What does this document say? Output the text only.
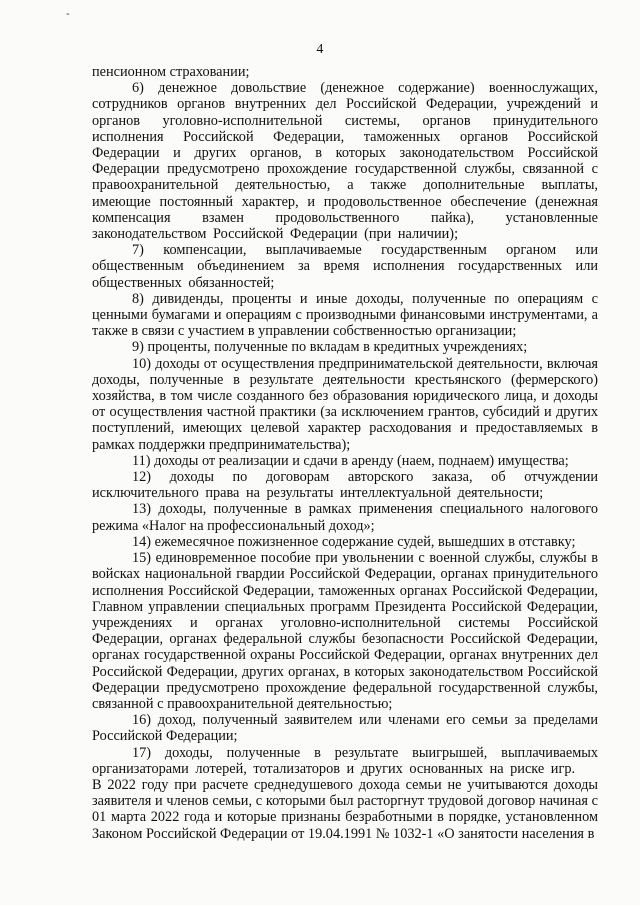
-
4

пенсионном страховании;

6) денежное довольствие (денежное содержание) военнослужащих, сотрудников органов внутренних дел Российской Федерации, учреждений и органов уголовно-исполнительной системы, органов принудительного исполнения Российской Федерации, таможенных органов Российской Федерации и других органов, в которых законодательством Российской Федерации предусмотрено прохождение государственной службы, связанной с правоохранительной деятельностью, а также дополнительные выплаты, имеющие постоянный характер, и продовольственное обеспечение (денежная компенсация взамен продовольственного пайка), установленные законодательством Российской Федерации (при наличии);

7) компенсации, выплачиваемые государственным органом или общественным объединением за время исполнения государственных или общественных обязанностей;

8) дивиденды, проценты и иные доходы, полученные по операциям с ценными бумагами и операциям с производными финансовыми инструментами, а также в связи с участием в управлении собственностью организации;

9) проценты, полученные по вкладам в кредитных учреждениях;

10) доходы от осуществления предпринимательской деятельности, включая доходы, полученные в результате деятельности крестьянского (фермерского) хозяйства, в том числе созданного без образования юридического лица, и доходы от осуществления частной практики (за исключением грантов, субсидий и других поступлений, имеющих целевой характер расходования и предоставляемых в рамках поддержки предпринимательства);

11) доходы от реализации и сдачи в аренду (наем, поднаем) имущества;

12) доходы по договорам авторского заказа, об отчуждении исключительного права на результаты интеллектуальной деятельности;

13) доходы, полученные в рамках применения специального налогового режима «Налог на профессиональный доход»;

14) ежемесячное пожизненное содержание судей, вышедших в отставку;

15) единовременное пособие при увольнении с военной службы, службы в войсках национальной гвардии Российской Федерации, органах принудительного исполнения Российской Федерации, таможенных органах Российской Федерации, Главном управлении специальных программ Президента Российской Федерации, учреждениях и органах уголовно-исполнительной системы Российской Федерации, органах федеральной службы безопасности Российской Федерации, органах государственной охраны Российской Федерации, органах внутренних дел Российской Федерации, других органах, в которых законодательством Российской Федерации предусмотрено прохождение федеральной государственной службы, связанной с правоохранительной деятельностью;

16) доход, полученный заявителем или членами его семьи за пределами Российской Федерации;

17) доходы, полученные в результате выигрышей, выплачиваемых организаторами лотерей, тотализаторов и других основанных на риске игр.

В 2022 году при расчете среднедушевого дохода семьи не учитываются доходы заявителя и членов семьи, с которыми был расторгнут трудовой договор начиная с 01 марта 2022 года и которые признаны безработными в порядке, установленном Законом Российской Федерации от 19.04.1991 № 1032-1 «О занятости населения в
